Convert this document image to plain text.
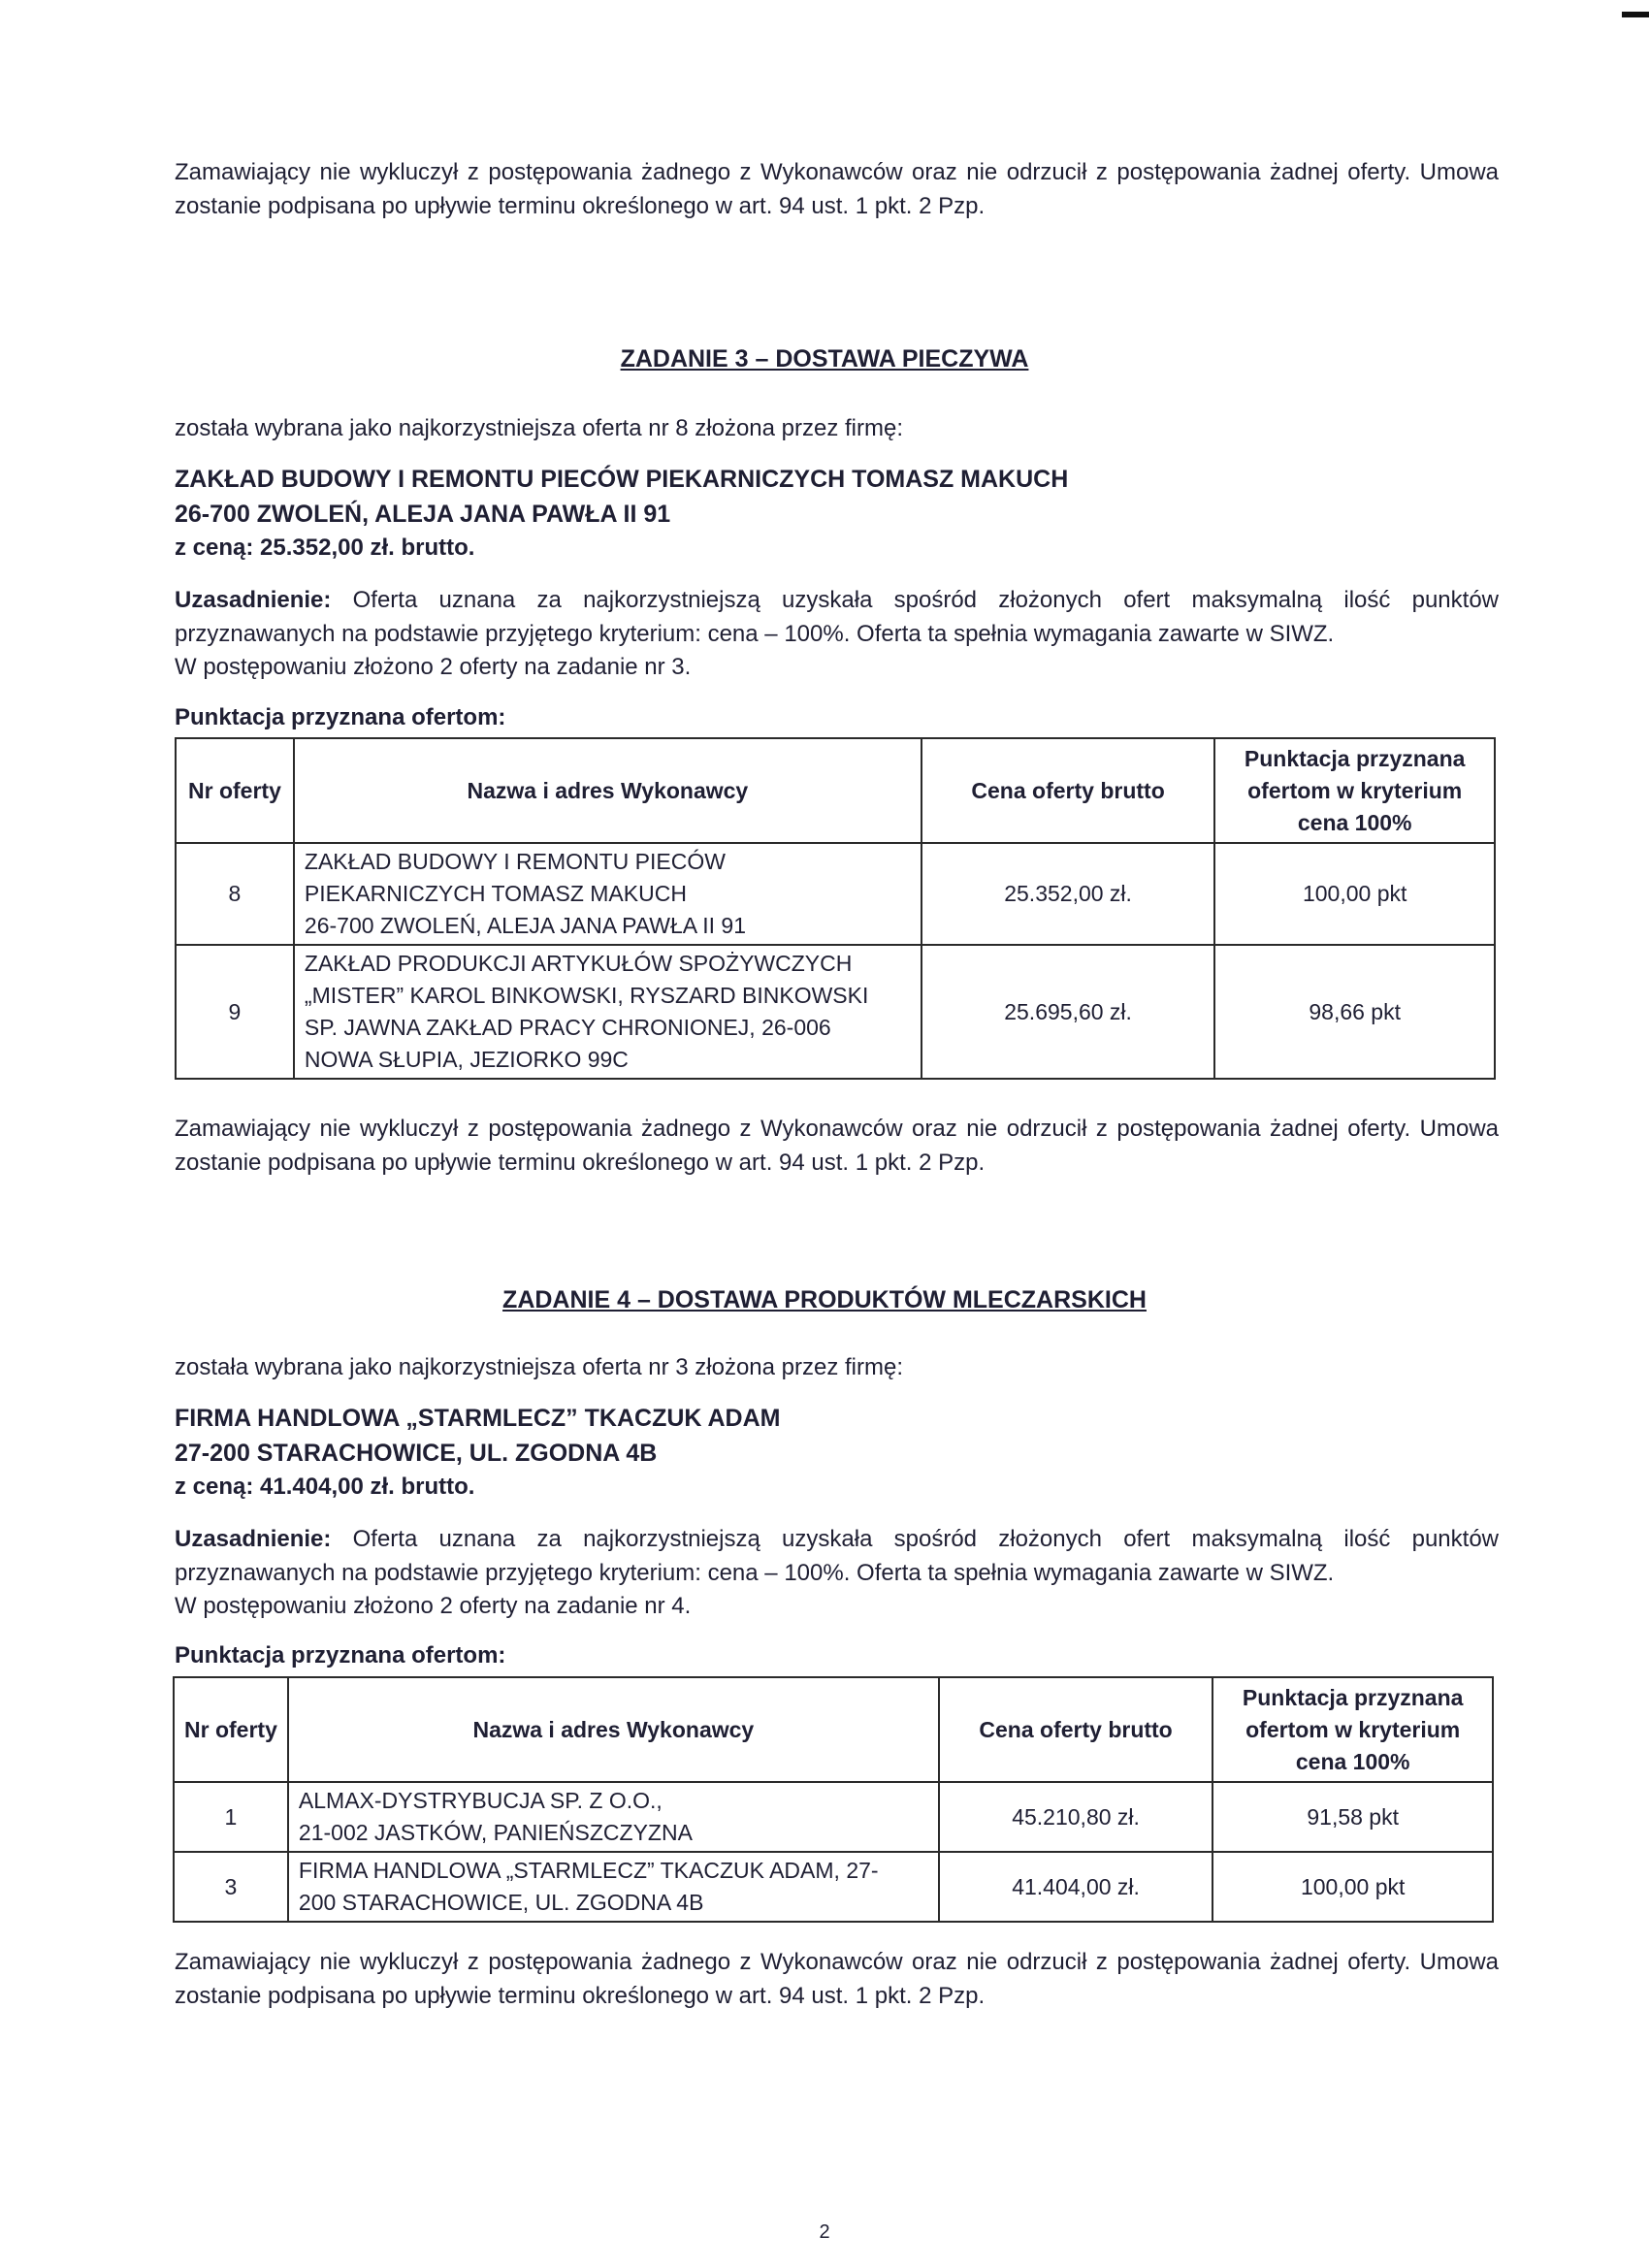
Zamawiający nie wykluczył z postępowania żadnego z Wykonawców oraz nie odrzucił z postępowania żadnej oferty. Umowa zostanie podpisana po upływie terminu określonego w art. 94 ust. 1 pkt. 2 Pzp.

ZADANIE 3 – DOSTAWA PIECZYWA

została wybrana jako najkorzystniejsza oferta nr 8 złożona przez firmę:

ZAKŁAD BUDOWY I REMONTU PIECÓW PIEKARNICZYCH TOMASZ MAKUCH

26-700 ZWOLEŃ, ALEJA JANA PAWŁA II 91

z ceną: 25.352,00 zł. brutto.

Uzasadnienie: Oferta uznana za najkorzystniejszą uzyskała spośród złożonych ofert maksymalną ilość punktów przyznawanych na podstawie przyjętego kryterium: cena – 100%. Oferta ta spełnia wymagania zawarte w SIWZ.

W postępowaniu złożono 2 oferty na zadanie nr 3.

Punktacja przyznana ofertom:

Nr oferty	Nazwa i adres Wykonawcy	Cena oferty brutto	Punktacja przyznana ofertom w kryterium cena 100%
8	ZAKŁAD BUDOWY I REMONTU PIECÓW
PIEKARNICZYCH TOMASZ MAKUCH
26-700 ZWOLEŃ, ALEJA JANA PAWŁA II 91	25.352,00 zł.	100,00 pkt
9	ZAKŁAD PRODUKCJI ARTYKUŁÓW SPOŻYWCZYCH
„MISTER” KAROL BINKOWSKI, RYSZARD BINKOWSKI
SP. JAWNA ZAKŁAD PRACY CHRONIONEJ, 26-006
NOWA SŁUPIA, JEZIORKO 99C	25.695,60 zł.	98,66 pkt

Zamawiający nie wykluczył z postępowania żadnego z Wykonawców oraz nie odrzucił z postępowania żadnej oferty. Umowa zostanie podpisana po upływie terminu określonego w art. 94 ust. 1 pkt. 2 Pzp.

ZADANIE 4 – DOSTAWA PRODUKTÓW MLECZARSKICH

została wybrana jako najkorzystniejsza oferta nr 3 złożona przez firmę:

FIRMA HANDLOWA „STARMLECZ” TKACZUK ADAM

27-200 STARACHOWICE, UL. ZGODNA 4B

z ceną: 41.404,00 zł. brutto.

Uzasadnienie: Oferta uznana za najkorzystniejszą uzyskała spośród złożonych ofert maksymalną ilość punktów przyznawanych na podstawie przyjętego kryterium: cena – 100%. Oferta ta spełnia wymagania zawarte w SIWZ.

W postępowaniu złożono 2 oferty na zadanie nr 4.

Punktacja przyznana ofertom:

Nr oferty	Nazwa i adres Wykonawcy	Cena oferty brutto	Punktacja przyznana ofertom w kryterium cena 100%
1	ALMAX-DYSTRYBUCJA SP. Z O.O.,
21-002 JASTKÓW, PANIEŃSZCZYZNA	45.210,80 zł.	91,58 pkt
3	FIRMA HANDLOWA „STARMLECZ” TKACZUK ADAM, 27-
200 STARACHOWICE, UL. ZGODNA 4B	41.404,00 zł.	100,00 pkt

Zamawiający nie wykluczył z postępowania żadnego z Wykonawców oraz nie odrzucił z postępowania żadnej oferty. Umowa zostanie podpisana po upływie terminu określonego w art. 94 ust. 1 pkt. 2 Pzp.

2
